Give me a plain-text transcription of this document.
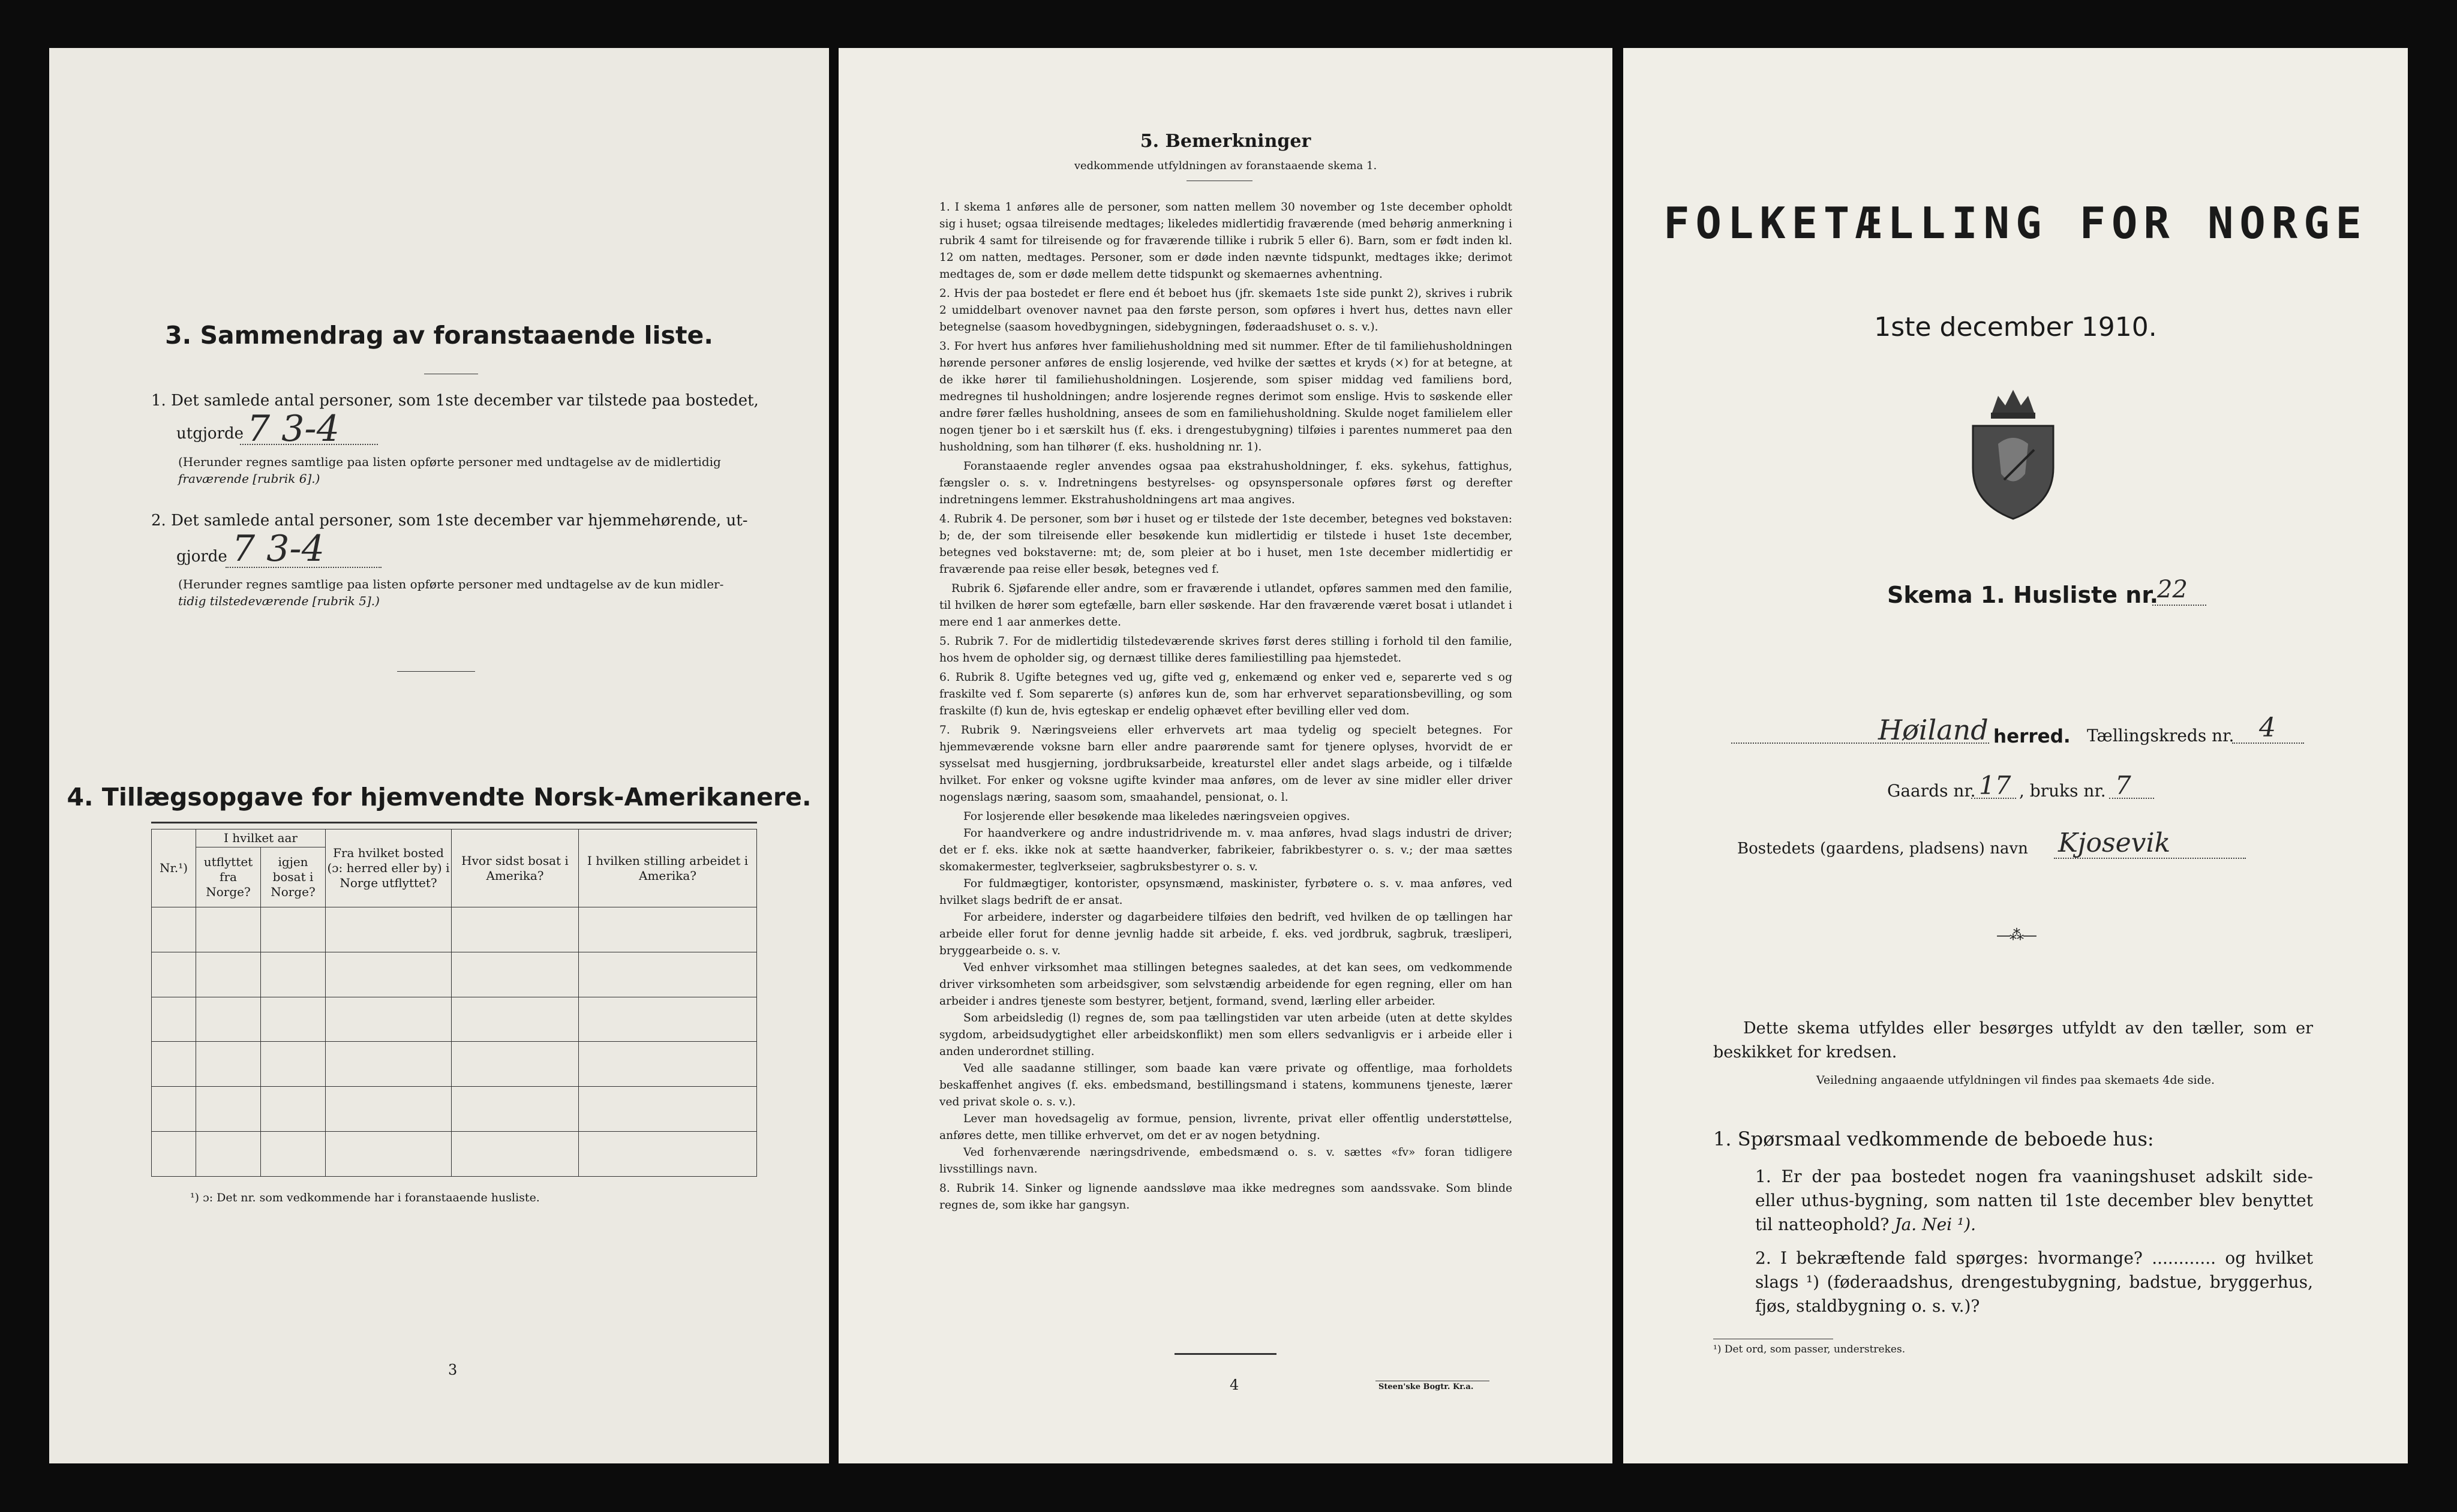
3. Sammendrag av foranstaaende liste.
1. Det samlede antal personer, som 1ste december var tilstede paa bostedet,
utgjorde 7 3-4
(Herunder regnes samtlige paa listen opførte personer med undtagelse av de midlertidig
fraværende [rubrik 6].)
2. Det samlede antal personer, som 1ste december var hjemmehørende, ut-
gjorde 7 3-4
(Herunder regnes samtlige paa listen opførte personer med undtagelse av de kun midler-
tidig tilstedeværende [rubrik 5].)
4. Tillægsopgave for hjemvendte Norsk-Amerikanere.
Nr.¹)	I hvilket aar		Fra hvilket bosted (ɔ: herred eller by) i Norge utflyttet?	Hvor sidst bosat i Amerika?	I hvilken stilling arbeidet i Amerika?
	utflyttet fra Norge?	igjen bosat i Norge?			

¹) ɔ: Det nr. som vedkommende har i foranstaaende husliste.
3
5. Bemerkninger
vedkommende utfyldningen av foranstaaende skema 1.

1. I skema 1 anføres alle de personer, som natten mellem 30 november og 1ste december opholdt sig i huset; ogsaa tilreisende medtages; likeledes midlertidig fraværende (med behørig anmerkning i rubrik 4 samt for tilreisende og for fraværende tillike i rubrik 5 eller 6). Barn, som er født inden kl. 12 om natten, medtages. Personer, som er døde inden nævnte tidspunkt, medtages ikke; derimot medtages de, som er døde mellem dette tidspunkt og skemaernes avhentning.

2. Hvis der paa bostedet er flere end ét beboet hus (jfr. skemaets 1ste side punkt 2), skrives i rubrik 2 umiddelbart ovenover navnet paa den første person, som opføres i hvert hus, dettes navn eller betegnelse (saasom hovedbygningen, sidebygningen, føderaadshuset o. s. v.).

3. For hvert hus anføres hver familiehusholdning med sit nummer. Efter de til familiehusholdningen hørende personer anføres de enslig losjerende, ved hvilke der sættes et kryds (×) for at betegne, at de ikke hører til familiehusholdningen. Losjerende, som spiser middag ved familiens bord, medregnes til husholdningen; andre losjerende regnes derimot som enslige. Hvis to søskende eller andre fører fælles husholdning, ansees de som en familiehusholdning. Skulde noget familielem eller nogen tjener bo i et særskilt hus (f. eks. i drengestubygning) tilføies i parentes nummeret paa den husholdning, som han tilhører (f. eks. husholdning nr. 1).

Foranstaaende regler anvendes ogsaa paa ekstrahusholdninger, f. eks. sykehus, fattighus, fængsler o. s. v. Indretningens bestyrelses- og opsynspersonale opføres først og derefter indretningens lemmer. Ekstrahusholdningens art maa angives.

4. Rubrik 4. De personer, som bør i huset og er tilstede der 1ste december, betegnes ved bokstaven: b; de, der som tilreisende eller besøkende kun midlertidig er tilstede i huset 1ste december, betegnes ved bokstaverne: mt; de, som pleier at bo i huset, men 1ste december midlertidig er fraværende paa reise eller besøk, betegnes ved f.

Rubrik 6. Sjøfarende eller andre, som er fraværende i utlandet, opføres sammen med den familie, til hvilken de hører som egtefælle, barn eller søskende. Har den fraværende været bosat i utlandet i mere end 1 aar anmerkes dette.

5. Rubrik 7. For de midlertidig tilstedeværende skrives først deres stilling i forhold til den familie, hos hvem de opholder sig, og dernæst tillike deres familiestilling paa hjemstedet.

6. Rubrik 8. Ugifte betegnes ved ug, gifte ved g, enkemænd og enker ved e, separerte ved s og fraskilte ved f. Som separerte (s) anføres kun de, som har erhvervet separationsbevilling, og som fraskilte (f) kun de, hvis egteskap er endelig ophævet efter bevilling eller ved dom.

7. Rubrik 9. Næringsveiens eller erhvervets art maa tydelig og specielt betegnes. For hjemmeværende voksne barn eller andre paarørende samt for tjenere oplyses, hvorvidt de er sysselsat med husgjerning, jordbruksarbeide, kreaturstel eller andet slags arbeide, og i tilfælde hvilket. For enker og voksne ugifte kvinder maa anføres, om de lever av sine midler eller driver nogenslags næring, saasom som, smaahandel, pensionat, o. l.

For losjerende eller besøkende maa likeledes næringsveien opgives.

For haandverkere og andre industridrivende m. v. maa anføres, hvad slags industri de driver; det er f. eks. ikke nok at sætte haandverker, fabrikeier, fabrikbestyrer o. s. v.; der maa sættes skomakermester, teglverkseier, sagbruksbestyrer o. s. v.

For fuldmægtiger, kontorister, opsynsmænd, maskinister, fyrbøtere o. s. v. maa anføres, ved hvilket slags bedrift de er ansat.

For arbeidere, inderster og dagarbeidere tilføies den bedrift, ved hvilken de op tællingen har arbeide eller forut for denne jevnlig hadde sit arbeide, f. eks. ved jordbruk, sagbruk, træsliperi, bryggearbeide o. s. v.

Ved enhver virksomhet maa stillingen betegnes saaledes, at det kan sees, om vedkommende driver virksomheten som arbeidsgiver, som selvstændig arbeidende for egen regning, eller om han arbeider i andres tjeneste som bestyrer, betjent, formand, svend, lærling eller arbeider.

Som arbeidsledig (l) regnes de, som paa tællingstiden var uten arbeide (uten at dette skyldes sygdom, arbeidsudygtighet eller arbeidskonflikt) men som ellers sedvanligvis er i arbeide eller i anden underordnet stilling.

Ved alle saadanne stillinger, som baade kan være private og offentlige, maa forholdets beskaffenhet angives (f. eks. embedsmand, bestillingsmand i statens, kommunens tjeneste, lærer ved privat skole o. s. v.).

Lever man hovedsagelig av formue, pension, livrente, privat eller offentlig understøttelse, anføres dette, men tillike erhvervet, om det er av nogen betydning.

Ved forhenværende næringsdrivende, embedsmænd o. s. v. sættes «fv» foran tidligere livsstillings navn.

8. Rubrik 14. Sinker og lignende aandssløve maa ikke medregnes som aandssvake. Som blinde regnes de, som ikke har gangsyn.

4	Steen'ske Bogtr. Kr.a.
FOLKETÆLLING FOR NORGE
1ste december 1910.
Skema 1. Husliste nr.
22
Høiland herred. Tællingskreds nr. 4
Gaards nr. 17 , bruks nr. 7
Bostedets (gaardens, pladsens) navn Kjosevik
—⁂—
Dette skema utfyldes eller besørges utfyldt av den tæller, som er beskikket for kredsen.
Veiledning angaaende utfyldningen vil findes paa skemaets 4de side.
1. Spørsmaal vedkommende de beboede hus:
1. Er der paa bostedet nogen fra vaaningshuset adskilt side- eller uthus-bygning, som natten til 1ste december blev benyttet til natteophold? Ja. Nei ¹).
2. I bekræftende fald spørges: hvormange? ............ og hvilket slags ¹) (føderaadshus, drengestubygning, badstue, bryggerhus, fjøs, staldbygning o. s. v.)?
¹) Det ord, som passer, understrekes.
